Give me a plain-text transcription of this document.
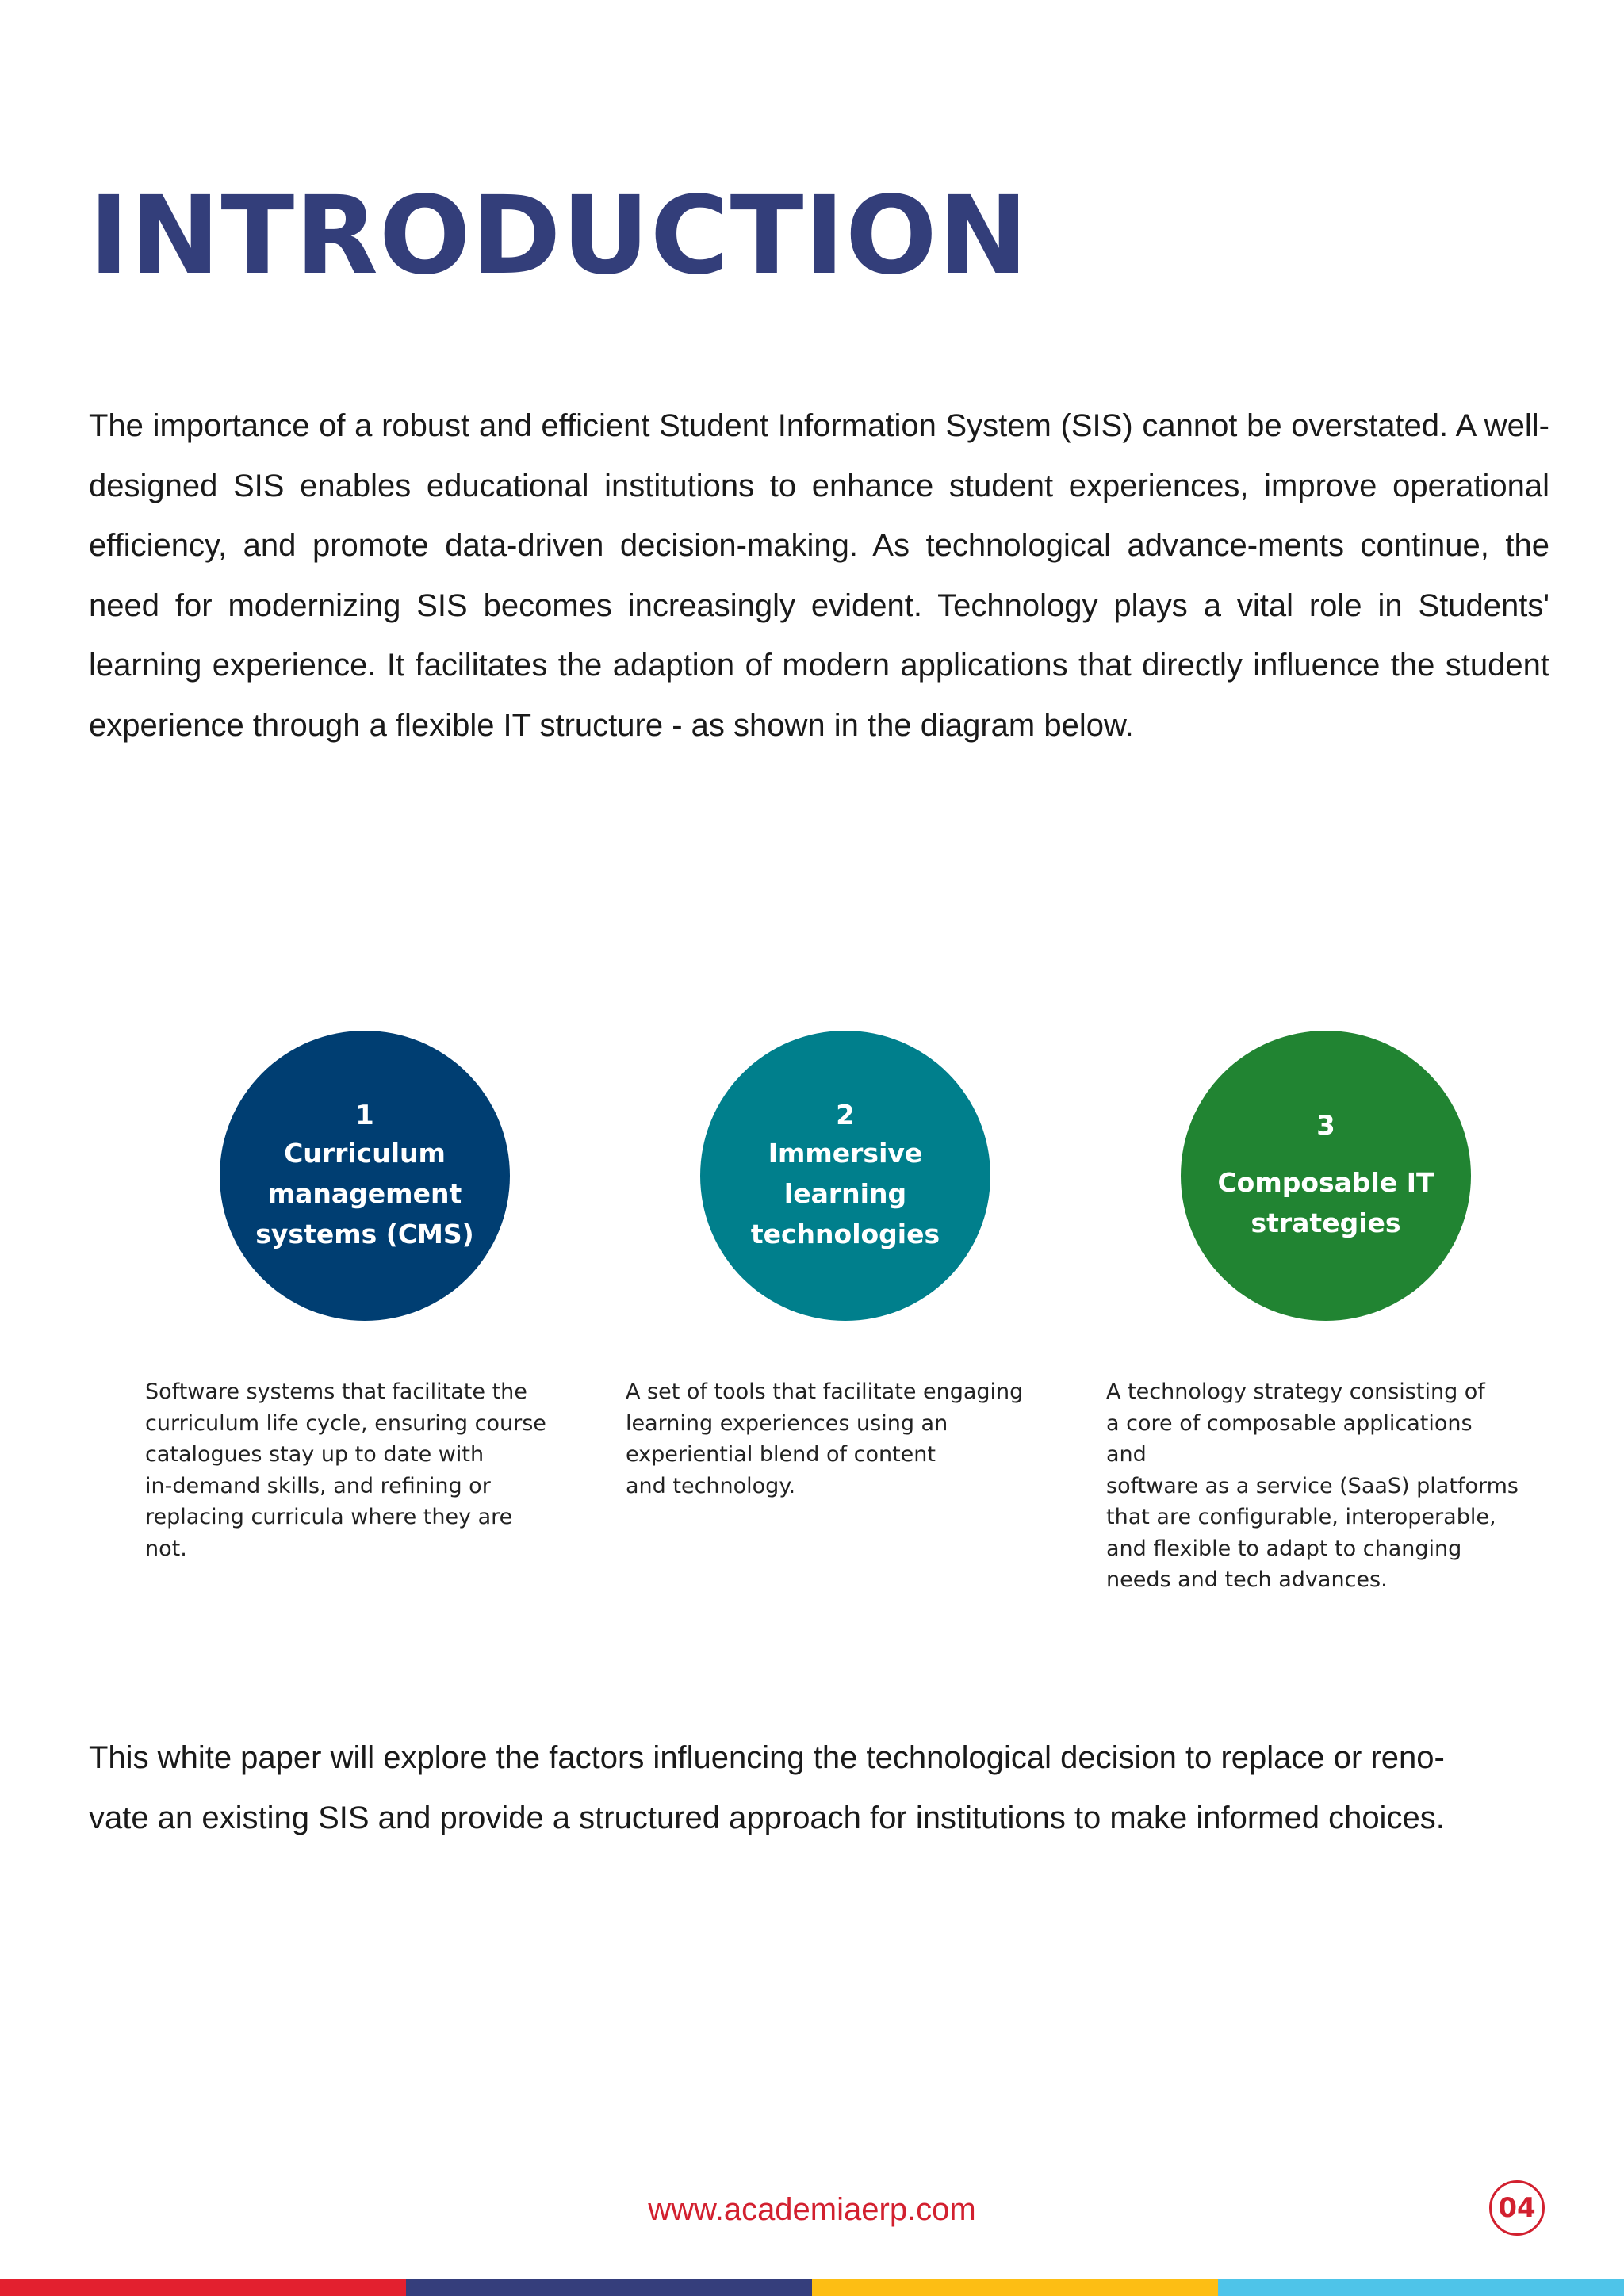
INTRODUCTION

The importance of a robust and efficient Student Information System (SIS) cannot be overstated. A well-designed SIS enables educational institutions to enhance student experiences, improve operational efficiency, and promote data-driven decision-making. As technological advance-ments continue, the need for modernizing SIS becomes increasingly evident. Technology plays a vital role in Students' learning experience. It facilitates the adaption of modern applications that directly influence the student experience through a flexible IT structure - as shown in the diagram below.

1
Curriculum management systems (CMS)
2
Immersive learning technologies
3
Composable IT strategies

Software systems that facilitate the
curriculum life cycle, ensuring course
catalogues stay up to date with
in-demand skills, and refining or
replacing curricula where they are not.

A set of tools that facilitate engaging
learning experiences using an
experiential blend of content
and technology.

A technology strategy consisting of
a core of composable applications and
software as a service (SaaS) platforms
that are configurable, interoperable,
and flexible to adapt to changing
needs and tech advances.

This white paper will explore the factors influencing the technological decision to replace or reno-
vate an existing SIS and provide a structured approach for institutions to make informed choices.

www.academiaerp.com	04
